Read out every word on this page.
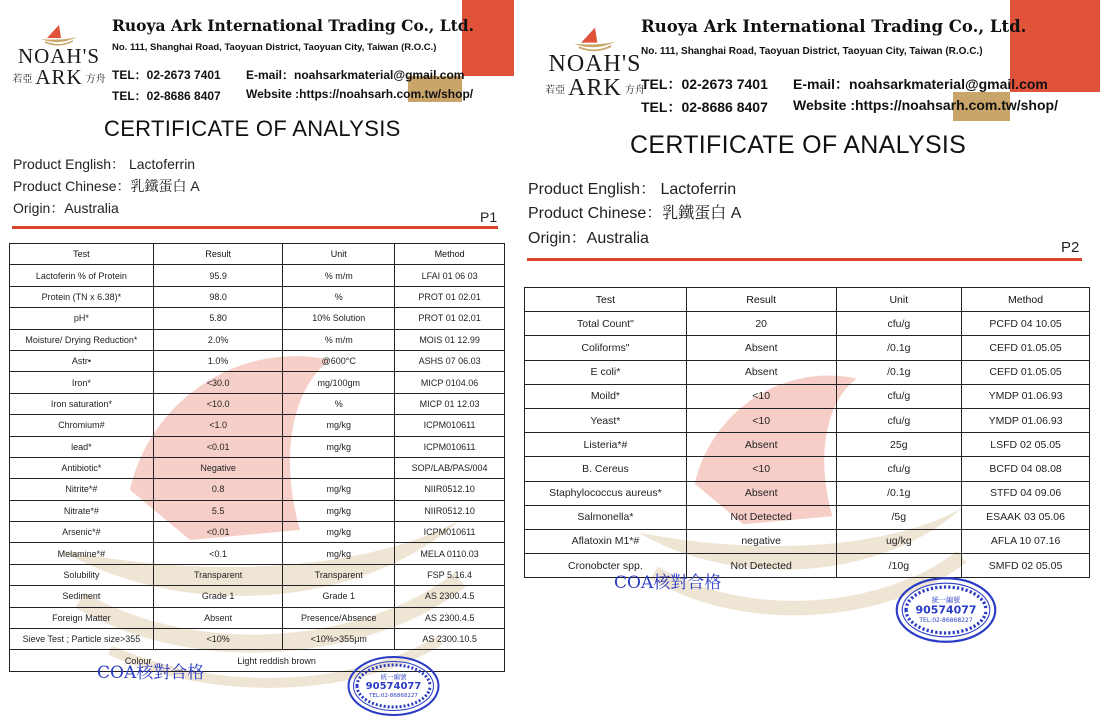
NOAH'S
若亞 ARK 方舟
Ruoya Ark International Trading Co., Ltd.
No. 111, Shanghai Road, Taoyuan District, Taoyuan City, Taiwan (R.O.C.)
TEL：02-2673 7401
TEL：02-8686 8407
E-mail：noahsarkmaterial@gmail.com
Website :https://noahsarh.com.tw/shop/
CERTIFICATE OF ANALYSIS
Product English： Lactoferrin
Product Chinese：乳鐵蛋白 A
Origin：Australia
P1
Test	Result	Unit	Method
Lactoferin % of Protein	95.9	% m/m	LFAI 01 06 03
Protein (TN x 6.38)*	98.0	%	PROT 01 02.01
pH*	5.80	10% Solution	PROT 01 02.01
Moisture/ Drying Reduction*	2.0%	% m/m	MOIS 01 12.99
Astr•	1.0%	@600°C	ASHS 07 06.03
Iron*	<30.0	mg/100gm	MICP 0104.06
Iron saturation*	<10.0	%	MICP 01 12.03
Chromium#	<1.0	mg/kg	ICPM010611
lead*	<0.01	mg/kg	ICPM010611
Antibiotic*	Negative		SOP/LAB/PAS/004
Nitrite*#	0.8	mg/kg	NIIR0512.10
Nitrate*#	5.5	mg/kg	NIIR0512.10
Arsenic*#	<0.01	mg/kg	ICPM010611
Melamine*#	<0.1	mg/kg	MELA 0110.03
Solubility	Transparent	Transparent	FSP 5.16.4
Sediment	Grade 1	Grade 1	AS 2300.4.5
Foreign Matter	Absent	Presence/Absence	AS 2300.4.5
Sieve Test ; Particle size>355	<10%	<10%>355μm	AS 2300.10.5
Colour	Light reddish brown		
COA核對合格	統一編號
90574077
TEL:02-86868227
NOAH'S
若亞 ARK 方舟
Ruoya Ark International Trading Co., Ltd.
No. 111, Shanghai Road, Taoyuan District, Taoyuan City, Taiwan (R.O.C.)
TEL：02-2673 7401
TEL：02-8686 8407
E-mail：noahsarkmaterial@gmail.com
Website :https://noahsarh.com.tw/shop/
CERTIFICATE OF ANALYSIS
Product English： Lactoferrin
Product Chinese：乳鐵蛋白 A
Origin：Australia
P2
Test	Result	Unit	Method
Total Count"	20	cfu/g	PCFD 04 10.05
Coliforms"	Absent	/0.1g	CEFD 01.05.05
E coli*	Absent	/0.1g	CEFD 01.05.05
Moild*	<10	cfu/g	YMDP 01.06.93
Yeast*	<10	cfu/g	YMDP 01.06.93
Listeria*#	Absent	25g	LSFD 02 05.05
B. Cereus	<10	cfu/g	BCFD 04 08.08
Staphylococcus aureus*	Absent	/0.1g	STFD 04 09.06
Salmonella*	Not Detected	/5g	ESAAK 03 05.06
Aflatoxin M1*#	negative	ug/kg	AFLA 10 07.16
Cronobcter spp.	Not Detected	/10g	SMFD 02 05.05
COA核對合格
統一編號
90574077
TEL:02-86868227
